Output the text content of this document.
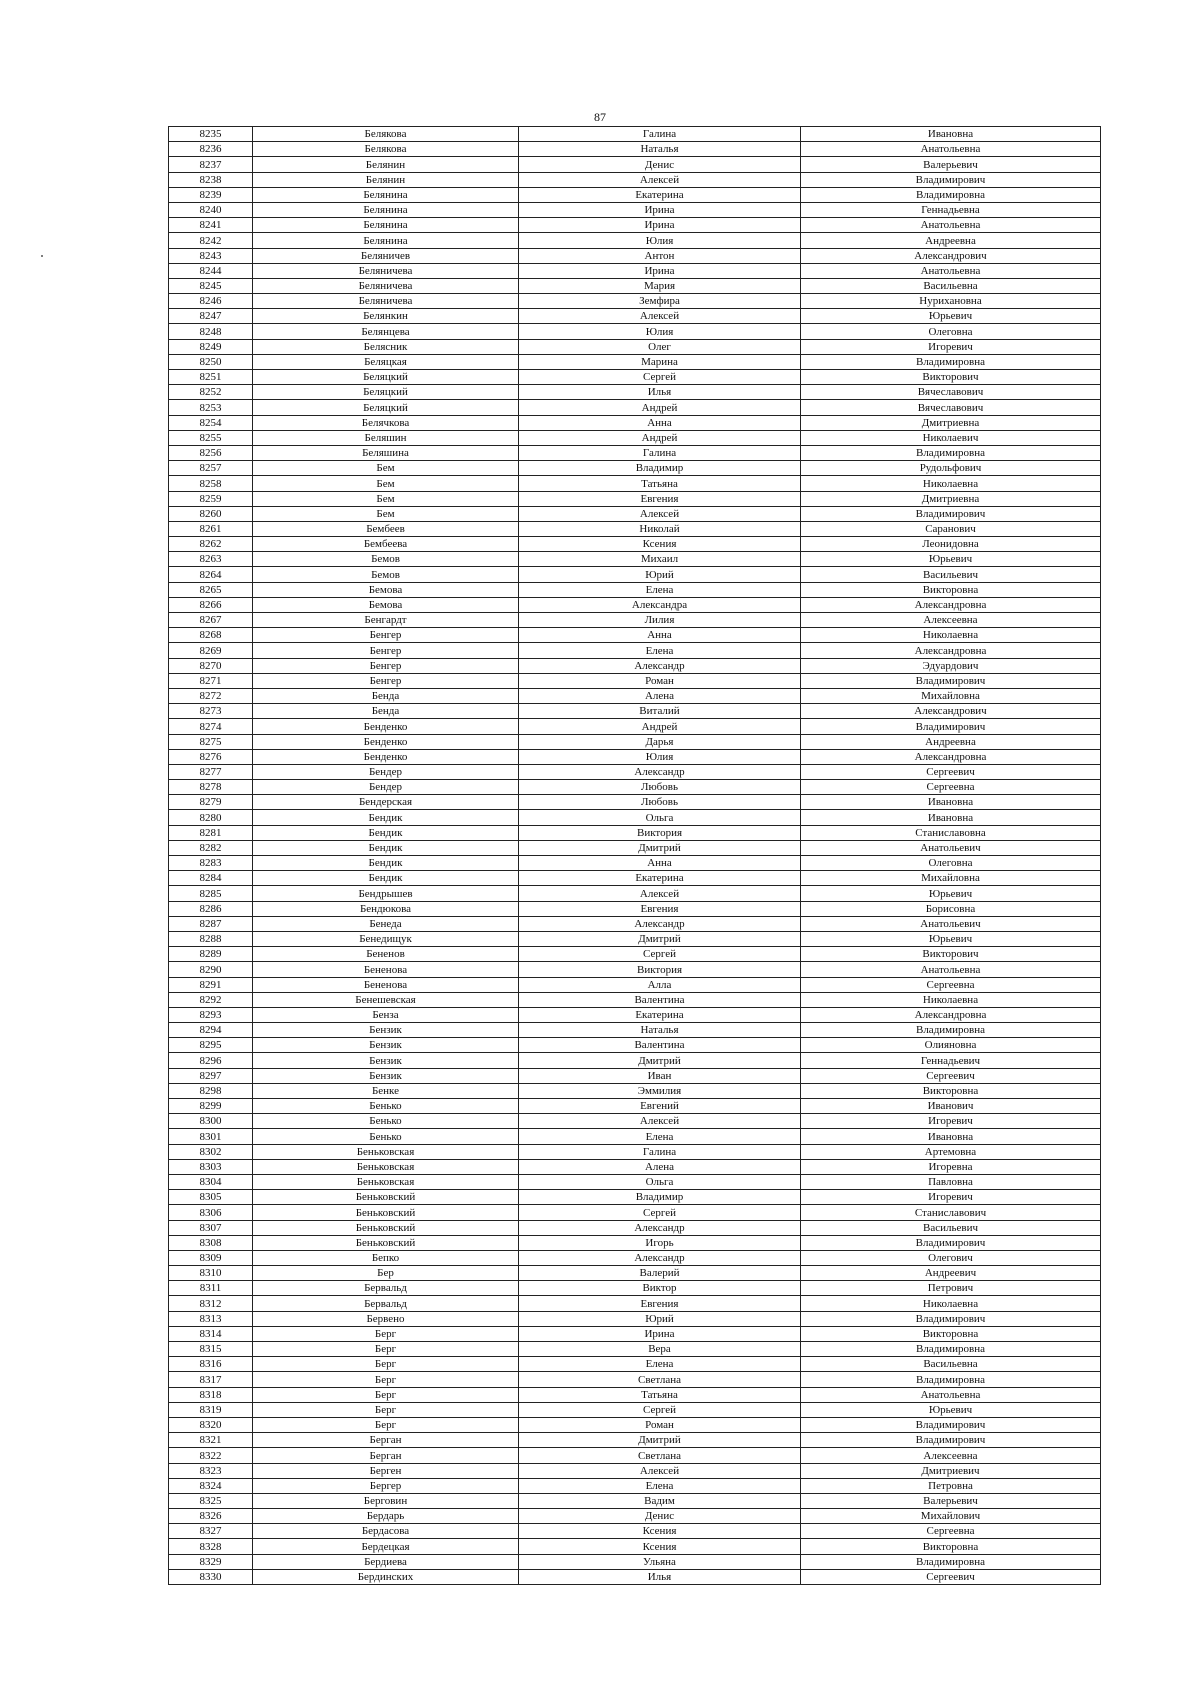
87
8235	Белякова	Галина	Ивановна
8236	Белякова	Наталья	Анатольевна
8237	Белянин	Денис	Валерьевич
8238	Белянин	Алексей	Владимирович
8239	Белянина	Екатерина	Владимировна
8240	Белянина	Ирина	Геннадьевна
8241	Белянина	Ирина	Анатольевна
8242	Белянина	Юлия	Андреевна
8243	Беляничев	Антон	Александрович
8244	Беляничева	Ирина	Анатольевна
8245	Беляничева	Мария	Васильевна
8246	Беляничева	Земфира	Нурихановна
8247	Белянкин	Алексей	Юрьевич
8248	Белянцева	Юлия	Олеговна
8249	Белясник	Олег	Игоревич
8250	Беляцкая	Марина	Владимировна
8251	Беляцкий	Сергей	Викторович
8252	Беляцкий	Илья	Вячеславович
8253	Беляцкий	Андрей	Вячеславович
8254	Белячкова	Анна	Дмитриевна
8255	Беляшин	Андрей	Николаевич
8256	Беляшина	Галина	Владимировна
8257	Бем	Владимир	Рудольфович
8258	Бем	Татьяна	Николаевна
8259	Бем	Евгения	Дмитриевна
8260	Бем	Алексей	Владимирович
8261	Бембеев	Николай	Саранович
8262	Бембеева	Ксения	Леонидовна
8263	Бемов	Михаил	Юрьевич
8264	Бемов	Юрий	Васильевич
8265	Бемова	Елена	Викторовна
8266	Бемова	Александра	Александровна
8267	Бенгардт	Лилия	Алексеевна
8268	Бенгер	Анна	Николаевна
8269	Бенгер	Елена	Александровна
8270	Бенгер	Александр	Эдуардович
8271	Бенгер	Роман	Владимирович
8272	Бенда	Алена	Михайловна
8273	Бенда	Виталий	Александрович
8274	Бенденко	Андрей	Владимирович
8275	Бенденко	Дарья	Андреевна
8276	Бенденко	Юлия	Александровна
8277	Бендер	Александр	Сергеевич
8278	Бендер	Любовь	Сергеевна
8279	Бендерская	Любовь	Ивановна
8280	Бендик	Ольга	Ивановна
8281	Бендик	Виктория	Станиславовна
8282	Бендик	Дмитрий	Анатольевич
8283	Бендик	Анна	Олеговна
8284	Бендик	Екатерина	Михайловна
8285	Бендрышев	Алексей	Юрьевич
8286	Бендюкова	Евгения	Борисовна
8287	Бенеда	Александр	Анатольевич
8288	Бенедищук	Дмитрий	Юрьевич
8289	Бененов	Сергей	Викторович
8290	Бененова	Виктория	Анатольевна
8291	Бененова	Алла	Сергеевна
8292	Бенешевская	Валентина	Николаевна
8293	Бенза	Екатерина	Александровна
8294	Бензик	Наталья	Владимировна
8295	Бензик	Валентина	Олияновна
8296	Бензик	Дмитрий	Геннадьевич
8297	Бензик	Иван	Сергеевич
8298	Бенке	Эммилия	Викторовна
8299	Бенько	Евгений	Иванович
8300	Бенько	Алексей	Игоревич
8301	Бенько	Елена	Ивановна
8302	Беньковская	Галина	Артемовна
8303	Беньковская	Алена	Игоревна
8304	Беньковская	Ольга	Павловна
8305	Беньковский	Владимир	Игоревич
8306	Беньковский	Сергей	Станиславович
8307	Беньковский	Александр	Васильевич
8308	Беньковский	Игорь	Владимирович
8309	Бепко	Александр	Олегович
8310	Бер	Валерий	Андреевич
8311	Бервальд	Виктор	Петрович
8312	Бервальд	Евгения	Николаевна
8313	Бервено	Юрий	Владимирович
8314	Берг	Ирина	Викторовна
8315	Берг	Вера	Владимировна
8316	Берг	Елена	Васильевна
8317	Берг	Светлана	Владимировна
8318	Берг	Татьяна	Анатольевна
8319	Берг	Сергей	Юрьевич
8320	Берг	Роман	Владимирович
8321	Берган	Дмитрий	Владимирович
8322	Берган	Светлана	Алексеевна
8323	Берген	Алексей	Дмитриевич
8324	Бергер	Елена	Петровна
8325	Берговин	Вадим	Валерьевич
8326	Бердарь	Денис	Михайлович
8327	Бердасова	Ксения	Сергеевна
8328	Бердецкая	Ксения	Викторовна
8329	Бердиева	Ульяна	Владимировна
8330	Бердинских	Илья	Сергеевич
